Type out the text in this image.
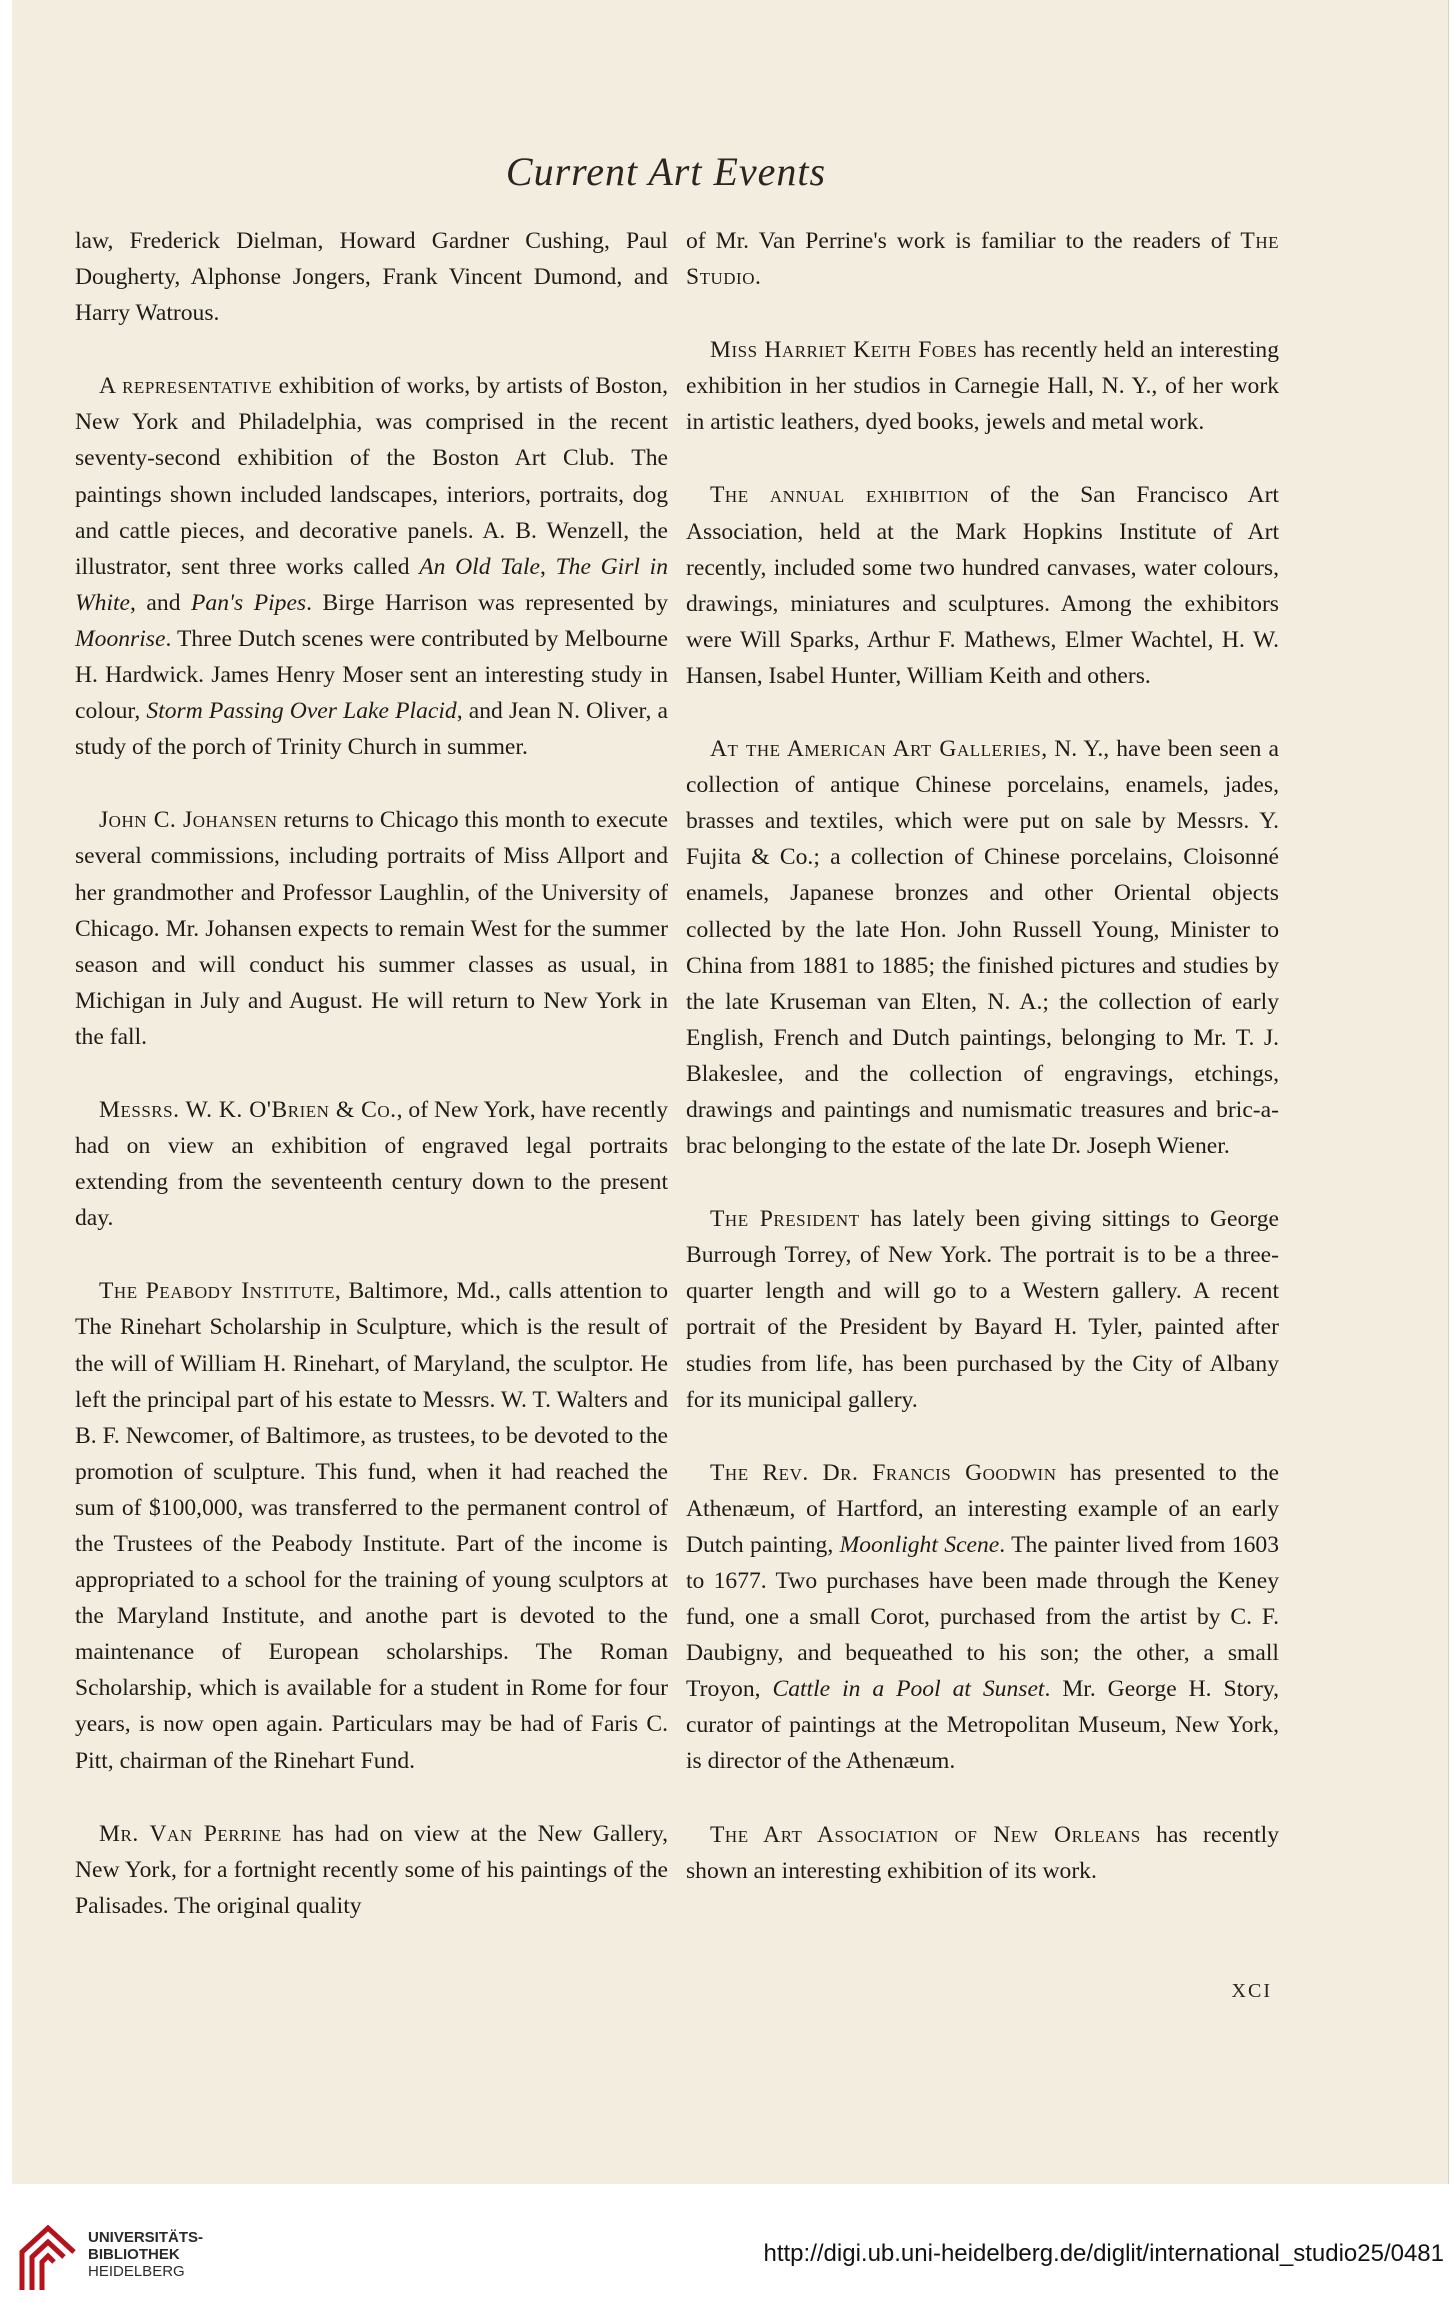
Current Art Events

law, Frederick Dielman, Howard Gardner Cushing, Paul Dougherty, Alphonse Jongers, Frank Vincent Dumond, and Harry Watrous.

A representative exhibition of works, by artists of Boston, New York and Philadelphia, was comprised in the recent seventy-second exhibition of the Boston Art Club. The paintings shown included landscapes, interiors, portraits, dog and cattle pieces, and decorative panels. A. B. Wenzell, the illustrator, sent three works called An Old Tale, The Girl in White, and Pan's Pipes. Birge Harrison was represented by Moonrise. Three Dutch scenes were contributed by Melbourne H. Hardwick. James Henry Moser sent an interesting study in colour, Storm Passing Over Lake Placid, and Jean N. Oliver, a study of the porch of Trinity Church in summer.

John C. Johansen returns to Chicago this month to execute several commissions, including portraits of Miss Allport and her grandmother and Professor Laughlin, of the University of Chicago. Mr. Johansen expects to remain West for the summer season and will conduct his summer classes as usual, in Michigan in July and August. He will return to New York in the fall.

Messrs. W. K. O'Brien & Co., of New York, have recently had on view an exhibition of engraved legal portraits extending from the seventeenth century down to the present day.

The Peabody Institute, Baltimore, Md., calls attention to The Rinehart Scholarship in Sculpture, which is the result of the will of William H. Rinehart, of Maryland, the sculptor. He left the principal part of his estate to Messrs. W. T. Walters and B. F. Newcomer, of Baltimore, as trustees, to be devoted to the promotion of sculpture. This fund, when it had reached the sum of $100,000, was transferred to the permanent control of the Trustees of the Peabody Institute. Part of the income is appropriated to a school for the training of young sculptors at the Maryland Institute, and anothe part is devoted to the maintenance of European scholarships. The Roman Scholarship, which is available for a student in Rome for four years, is now open again. Particulars may be had of Faris C. Pitt, chairman of the Rinehart Fund.

Mr. Van Perrine has had on view at the New Gallery, New York, for a fortnight recently some of his paintings of the Palisades. The original quality

of Mr. Van Perrine's work is familiar to the readers of The Studio.

Miss Harriet Keith Fobes has recently held an interesting exhibition in her studios in Carnegie Hall, N. Y., of her work in artistic leathers, dyed books, jewels and metal work.

The annual exhibition of the San Francisco Art Association, held at the Mark Hopkins Institute of Art recently, included some two hundred canvases, water colours, drawings, miniatures and sculptures. Among the exhibitors were Will Sparks, Arthur F. Mathews, Elmer Wachtel, H. W. Hansen, Isabel Hunter, William Keith and others.

At the American Art Galleries, N. Y., have been seen a collection of antique Chinese porcelains, enamels, jades, brasses and textiles, which were put on sale by Messrs. Y. Fujita & Co.; a collection of Chinese porcelains, Cloisonné enamels, Japanese bronzes and other Oriental objects collected by the late Hon. John Russell Young, Minister to China from 1881 to 1885; the finished pictures and studies by the late Kruseman van Elten, N. A.; the collection of early English, French and Dutch paintings, belonging to Mr. T. J. Blakeslee, and the collection of engravings, etchings, drawings and paintings and numismatic treasures and bric-a-brac belonging to the estate of the late Dr. Joseph Wiener.

The President has lately been giving sittings to George Burrough Torrey, of New York. The portrait is to be a three-quarter length and will go to a Western gallery. A recent portrait of the President by Bayard H. Tyler, painted after studies from life, has been purchased by the City of Albany for its municipal gallery.

The Rev. Dr. Francis Goodwin has presented to the Athenæum, of Hartford, an interesting example of an early Dutch painting, Moonlight Scene. The painter lived from 1603 to 1677. Two purchases have been made through the Keney fund, one a small Corot, purchased from the artist by C. F. Daubigny, and bequeathed to his son; the other, a small Troyon, Cattle in a Pool at Sunset. Mr. George H. Story, curator of paintings at the Metropolitan Museum, New York, is director of the Athenæum.

The Art Association of New Orleans has recently shown an interesting exhibition of its work.

XCI
UNIVERSITÄTS-
BIBLIOTHEK
HEIDELBERG
http://digi.ub.uni-heidelberg.de/diglit/international_studio25/0481
